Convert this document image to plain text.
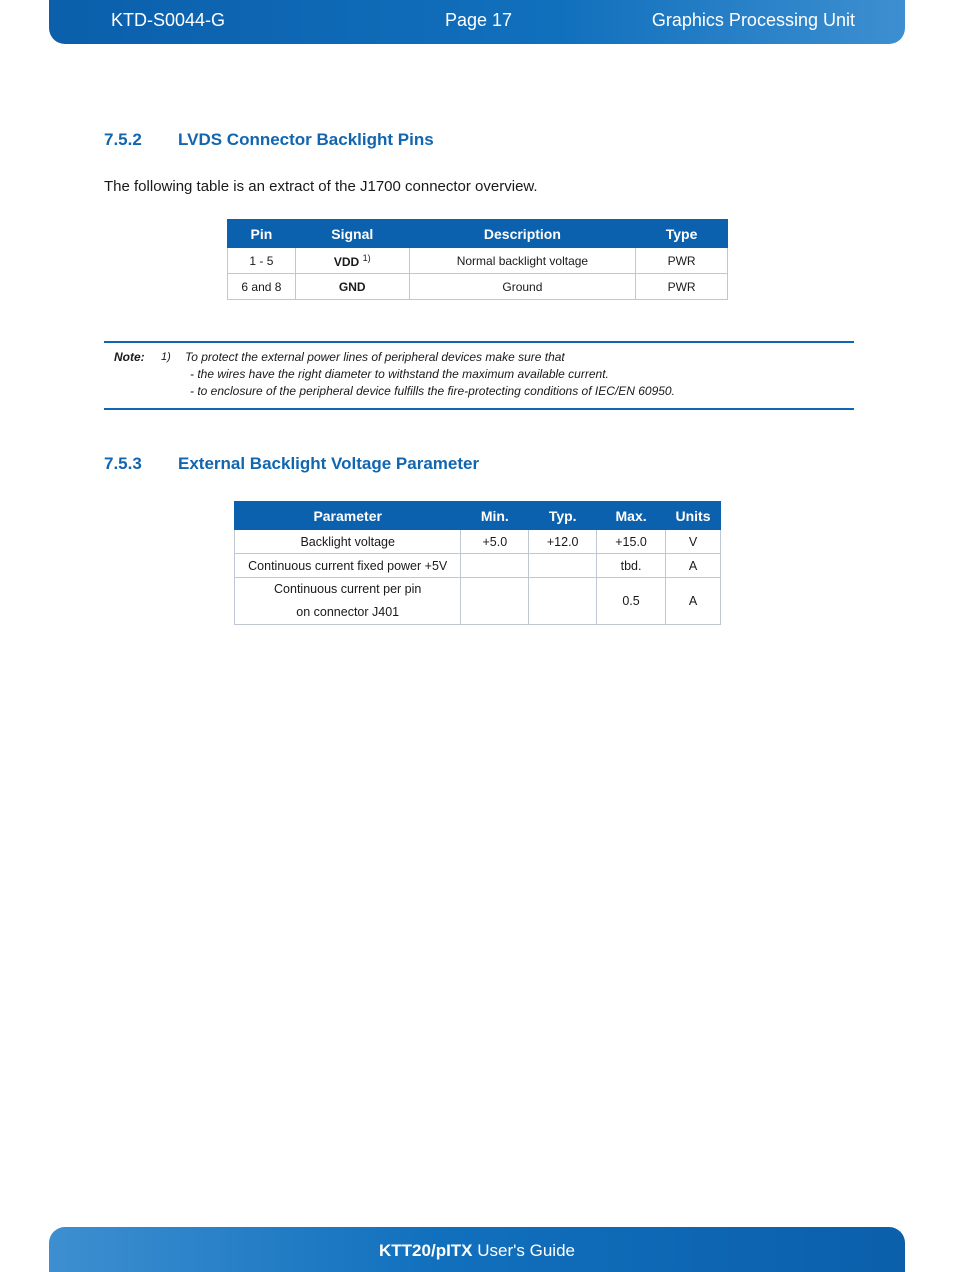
KTD-S0044-G	Page 17	Graphics Processing Unit
7.5.2 LVDS Connector Backlight Pins
The following table is an extract of the J1700 connector overview.
Pin	Signal	Description	Type
1 - 5	VDD $^{1)}$	Normal backlight voltage	PWR
6 and 8	GND	Ground	PWR
Note: 1) To protect the external power lines of peripheral devices make sure that
- the wires have the right diameter to withstand the maximum available current.
- to enclosure of the peripheral device fulfills the fire-protecting conditions of IEC/EN 60950.
7.5.3 External Backlight Voltage Parameter
Parameter	Min.	Typ.	Max.	Units
Backlight voltage	+5.0	+12.0	+15.0	V
Continuous current fixed power +5V			tbd.	A

Continuous current per pin
on connector J401			0.5	A
KTT20/pITX User's Guide
